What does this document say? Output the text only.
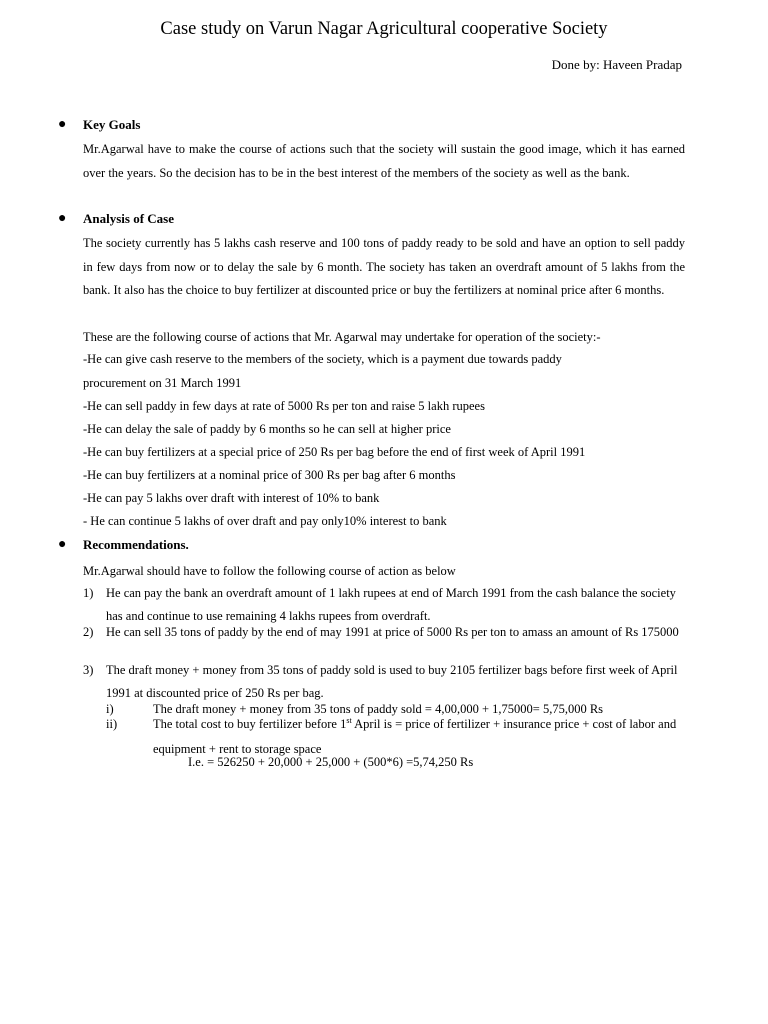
Case study on Varun Nagar Agricultural cooperative Society
Done by: Haveen Pradap
● Key Goals
Mr.Agarwal have to make the course of actions such that the society will sustain the good image, which it has earned over the years. So the decision has to be in the best interest of the members of the society as well as the bank.
● Analysis of Case
The society currently has 5 lakhs cash reserve and 100 tons of paddy ready to be sold and have an option to sell paddy in few days from now or to delay the sale by 6 month. The society has taken an overdraft amount of 5 lakhs from the bank. It also has the choice to buy fertilizer at discounted price or buy the fertilizers at nominal price after 6 months.
These are the following course of actions that Mr. Agarwal may undertake for operation of the society:-
-He can give cash reserve to the members of the society, which is a payment due towards paddy
procurement on 31 March 1991
-He can sell paddy in few days at rate of 5000 Rs per ton and raise 5 lakh rupees
-He can delay the sale of paddy by 6 months so he can sell at higher price
-He can buy fertilizers at a special price of 250 Rs per bag before the end of first week of April 1991
-He can buy fertilizers at a nominal price of 300 Rs per bag after 6 months
-He can pay 5 lakhs over draft with interest of 10% to bank
- He can continue 5 lakhs of over draft and pay only10% interest to bank
● Recommendations.
Mr.Agarwal should have to follow the following course of action as below
1)	He can pay the bank an overdraft amount of 1 lakh rupees at end of March 1991 from the cash balance the society has and continue to use remaining 4 lakhs rupees from overdraft.
2)	He can sell 35 tons of paddy by the end of may 1991 at price of 5000 Rs per ton to amass an amount of Rs 175000
3)	The draft money + money from 35 tons of paddy sold is used to buy 2105 fertilizer bags before first week of April 1991 at discounted price of 250 Rs per bag.
i)	The draft money + money from 35 tons of paddy sold = 4,00,000 + 1,75000= 5,75,000 Rs
ii)	The total cost to buy fertilizer before 1st April is = price of fertilizer + insurance price + cost of labor and equipment + rent to storage space
I.e. = 526250 + 20,000 + 25,000 + (500*6) =5,74,250 Rs
